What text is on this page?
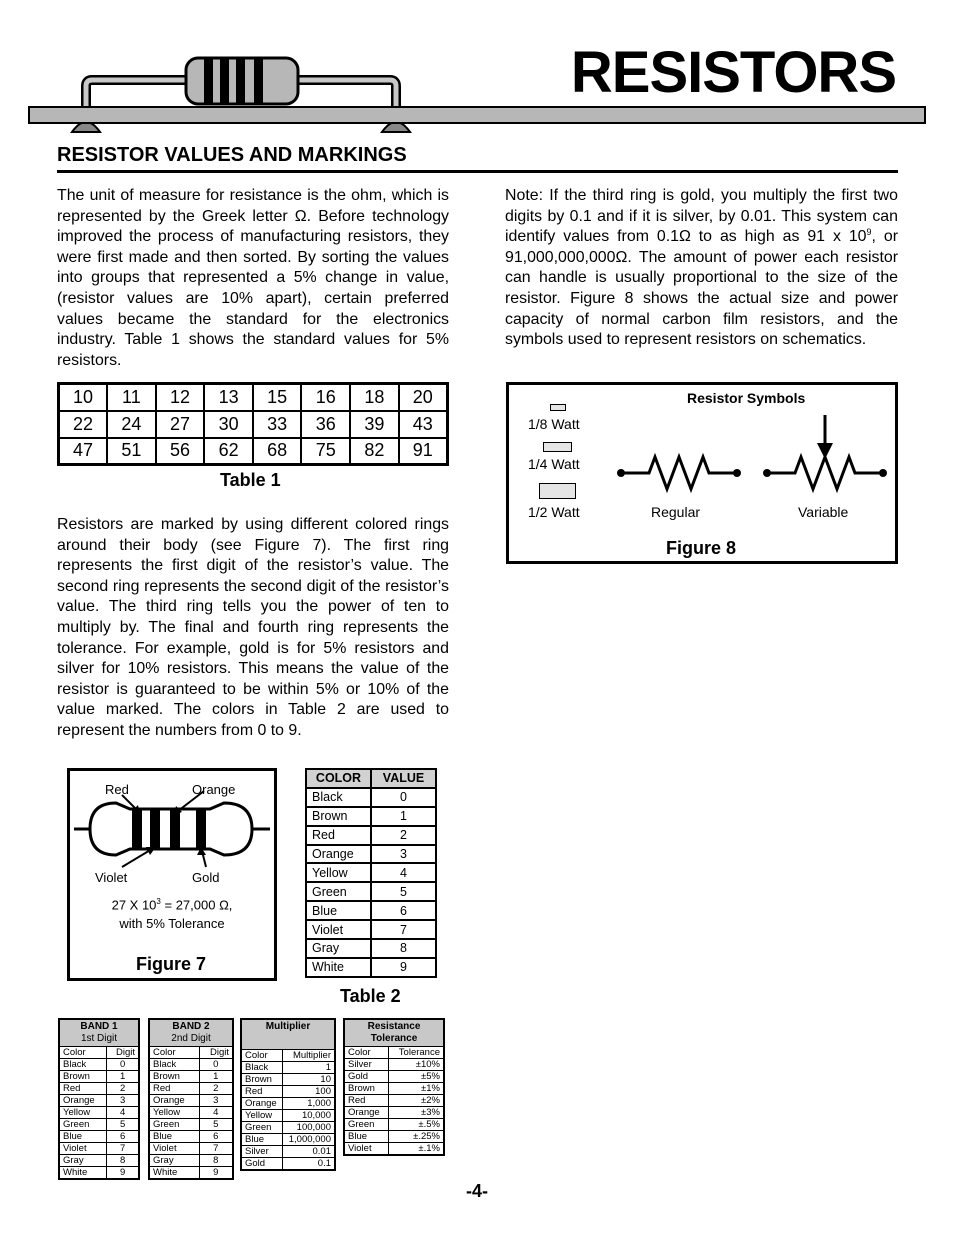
RESISTORS
RESISTOR VALUES AND MARKINGS
The unit of measure for resistance is the ohm, which is represented by the Greek letter Ω. Before technology improved the process of manufacturing resistors, they were first made and then sorted. By sorting the values into groups that represented a 5% change in value, (resistor values are 10% apart), certain preferred values became the standard for the electronics industry. Table 1 shows the standard values for 5% resistors.
10	11	12	13	15	16	18	20
22	24	27	30	33	36	39	43
47	51	56	62	68	75	82	91
Table 1
Resistors are marked by using different colored rings around their body (see Figure 7). The first ring represents the first digit of the resistor’s value. The second ring represents the second digit of the resistor’s value. The third ring tells you the power of ten to multiply by. The final and fourth ring represents the tolerance. For example, gold is for 5% resistors and silver for 10% resistors. This means the value of the resistor is guaranteed to be within 5% or 10% of the value marked. The colors in Table 2 are used to represent the numbers from 0 to 9.
Red	Orange
Violet	Gold
27 X $10^3 = 27,000$ Ω,
with 5% Tolerance
Figure 7
COLOR	VALUE
Black	0
Brown	1
Red	2
Orange	3
Yellow	4
Green	5
Blue	6
Violet	7
Gray	8
White	9
Table 2
BAND 1
1st Digit	
Color	Digit
Black	0
Brown	1
Red	2
Orange	3
Yellow	4
Green	5
Blue	6
Violet	7
Gray	8
White	9
BAND 2
2nd Digit	
Color	Digit
Black	0
Brown	1
Red	2
Orange	3
Yellow	4
Green	5
Blue	6
Violet	7
Gray	8
White	9
Multiplier	
Color	Multiplier
Black	1
Brown	10
Red	100
Orange	1,000
Yellow	10,000
Green	100,000
Blue	1,000,000
Silver	0.01
Gold	0.1
Resistance
Tolerance	
Color	Tolerance
Silver	±10%
Gold	±5%
Brown	±1%
Red	±2%
Orange	±3%
Green	±.5%
Blue	±.25%
Violet	±.1%
Note: If the third ring is gold, you multiply the first two digits by 0.1 and if it is silver, by 0.01. This system can identify values from 0.1Ω to as high as 91 x $10^9$, or 91,000,000,000Ω. The amount of power each resistor can handle is usually proportional to the size of the resistor. Figure 8 shows the actual size and power capacity of normal carbon film resistors, and the symbols used to represent resistors on schematics.
Resistor Symbols
1/8 Watt
1/4 Watt
1/2 Watt	Regular	Variable
Figure 8
-4-
